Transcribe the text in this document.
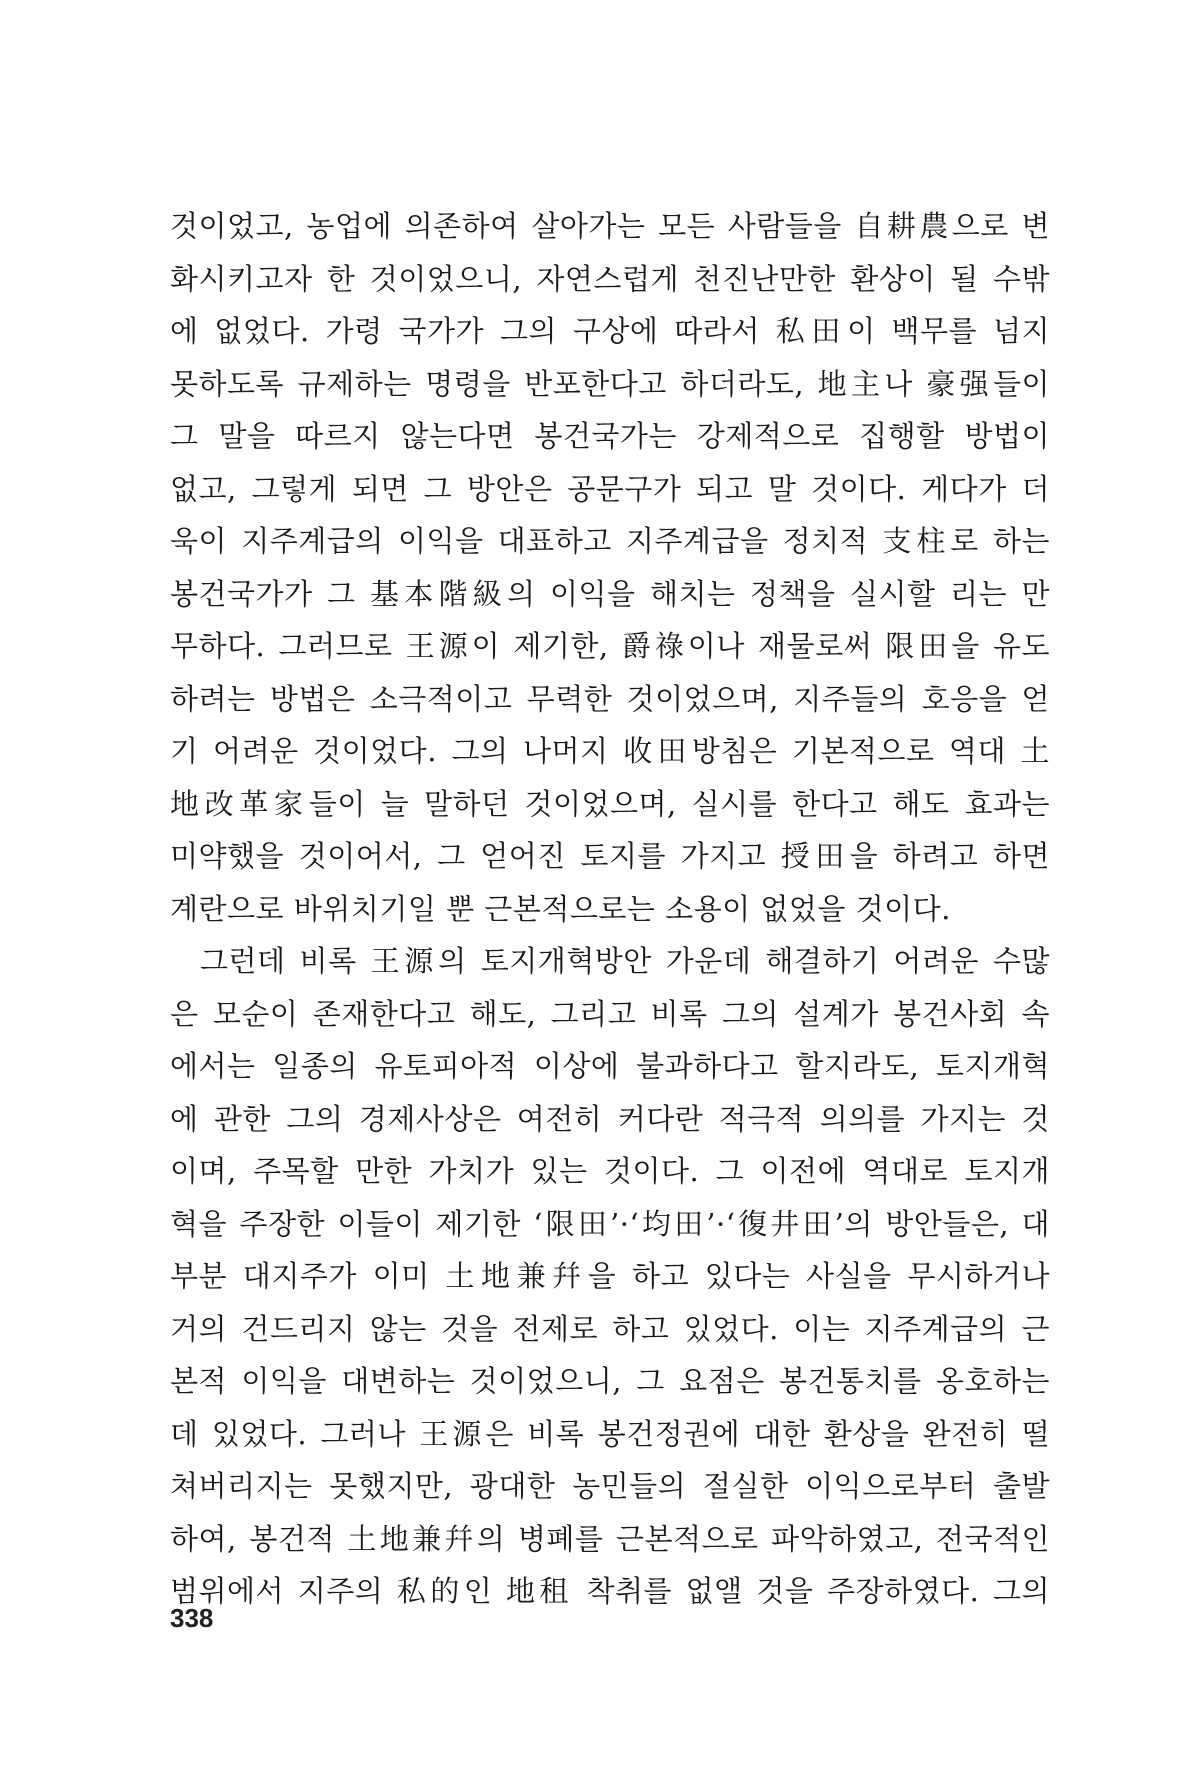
것이었고, 농업에 의존하여 살아가는 모든 사람들을 自耕農으로 변
화시키고자 한 것이었으니, 자연스럽게 천진난만한 환상이 될 수밖
에 없었다. 가령 국가가 그의 구상에 따라서 私田이 백무를 넘지
못하도록 규제하는 명령을 반포한다고 하더라도, 地主나 豪强들이
그 말을 따르지 않는다면 봉건국가는 강제적으로 집행할 방법이
없고, 그렇게 되면 그 방안은 공문구가 되고 말 것이다. 게다가 더
욱이 지주계급의 이익을 대표하고 지주계급을 정치적 支柱로 하는
봉건국가가 그 基本階級의 이익을 해치는 정책을 실시할 리는 만
무하다. 그러므로 王源이 제기한, 爵祿이나 재물로써 限田을 유도
하려는 방법은 소극적이고 무력한 것이었으며, 지주들의 호응을 얻
기 어려운 것이었다. 그의 나머지 收田방침은 기본적으로 역대 土
地改革家들이 늘 말하던 것이었으며, 실시를 한다고 해도 효과는
미약했을 것이어서, 그 얻어진 토지를 가지고 授田을 하려고 하면
계란으로 바위치기일 뿐 근본적으로는 소용이 없었을 것이다.
그런데 비록 王源의 토지개혁방안 가운데 해결하기 어려운 수많
은 모순이 존재한다고 해도, 그리고 비록 그의 설계가 봉건사회 속
에서는 일종의 유토피아적 이상에 불과하다고 할지라도, 토지개혁
에 관한 그의 경제사상은 여전히 커다란 적극적 의의를 가지는 것
이며, 주목할 만한 가치가 있는 것이다. 그 이전에 역대로 토지개
혁을 주장한 이들이 제기한 ‘限田’·‘均田’·‘復井田’의 방안들은, 대
부분 대지주가 이미 土地兼幷을 하고 있다는 사실을 무시하거나
거의 건드리지 않는 것을 전제로 하고 있었다. 이는 지주계급의 근
본적 이익을 대변하는 것이었으니, 그 요점은 봉건통치를 옹호하는
데 있었다. 그러나 王源은 비록 봉건정권에 대한 환상을 완전히 떨
쳐버리지는 못했지만, 광대한 농민들의 절실한 이익으로부터 출발
하여, 봉건적 土地兼幷의 병폐를 근본적으로 파악하였고, 전국적인
범위에서 지주의 私的인 地租 착취를 없앨 것을 주장하였다. 그의
338
